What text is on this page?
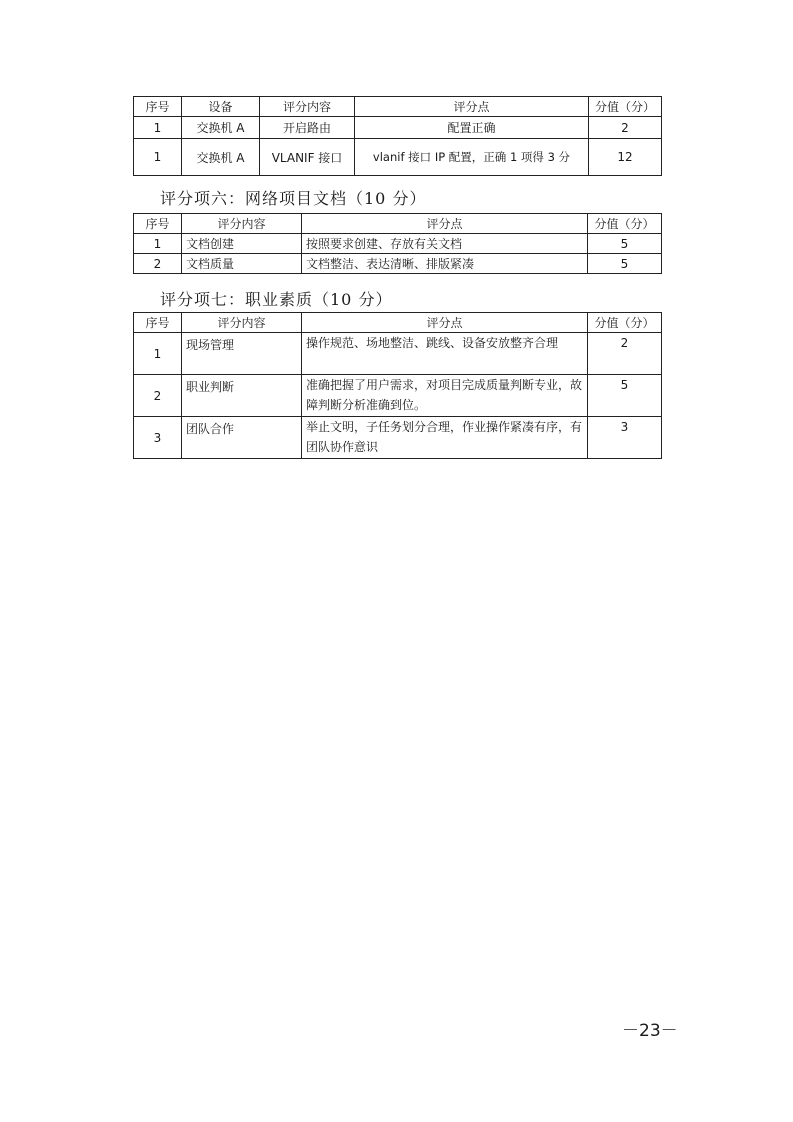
序号	设备	评分内容	评分点	分值（分）
1	交换机 A	开启路由	配置正确	2
1	交换机 A	VLANIF 接口	vlanif 接口 IP 配置，正确 1 项得 3 分	12
评分项六：网络项目文档（10 分）
序号	评分内容	评分点	分值（分）
1	文档创建	按照要求创建、存放有关文档	5
2	文档质量	文档整洁、表达清晰、排版紧凑	5
评分项七：职业素质（10 分）
序号	评分内容	评分点	分值（分）
1	现场管理	操作规范、场地整洁、跳线、设备安放整齐合理	2
2	职业判断	准确把握了用户需求，对项目完成质量判断专业，故障判断分析准确到位。	5
3	团队合作	举止文明，子任务划分合理，作业操作紧凑有序，有团队协作意识	3
－23－
